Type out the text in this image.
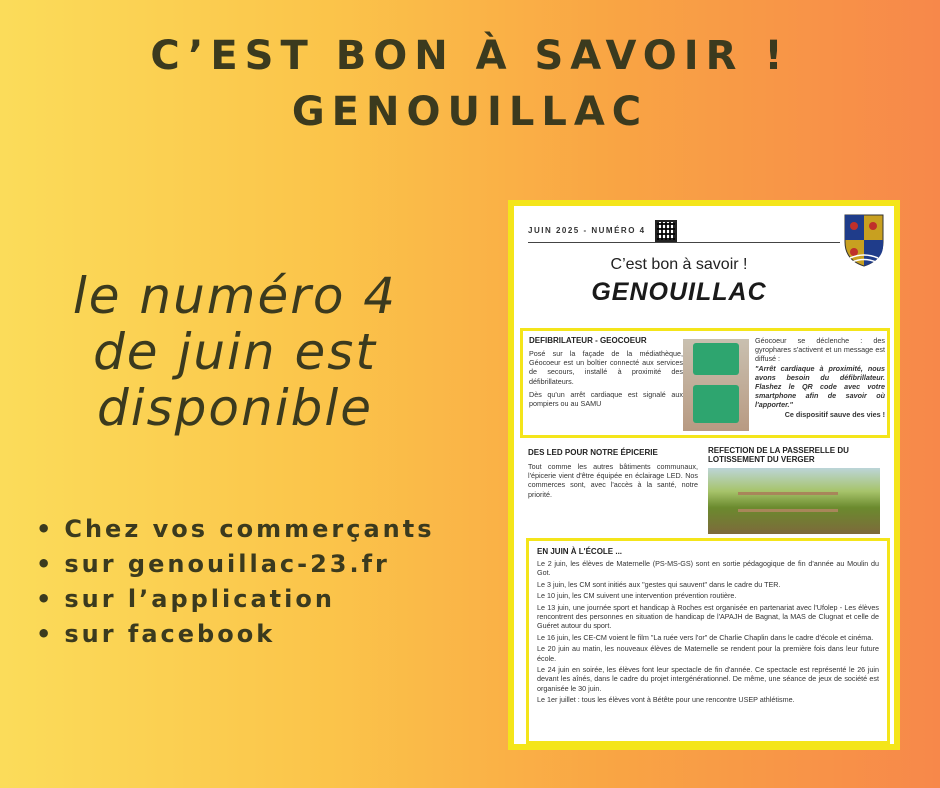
C’EST BON À SAVOIR !
GENOUILLAC
le numéro 4
de juin est
disponible
• Chez vos commerçants
• sur genouillac-23.fr
• sur l’application
• sur facebook
JUIN 2025 - NUMÉRO 4
C’est bon à savoir !
GENOUILLAC
DEFIBRILATEUR - GEOCOEUR
Posé sur la façade de la médiathèque, Géocoeur est un boîtier connecté aux services de secours, installé à proximité des défibrillateurs.
Dès qu'un arrêt cardiaque est signalé aux pompiers ou au SAMU
Géocoeur se déclenche : des gyrophares s'activent et un message est diffusé :
"Arrêt cardiaque à proximité, nous avons besoin du défibrillateur. Flashez le QR code avec votre smartphone afin de savoir où l'apporter."
Ce dispositif sauve des vies !
DES LED POUR NOTRE ÉPICERIE
Tout comme les autres bâtiments communaux, l'épicerie vient d'être équipée en éclairage LED. Nos commerces sont, avec l'accès à la santé, notre priorité.
REFECTION DE LA PASSERELLE DU LOTISSEMENT DU VERGER
EN JUIN À L'ÉCOLE ...
Le 2 juin, les élèves de Maternelle (PS-MS-GS) sont en sortie pédagogique de fin d'année au Moulin du Got.
Le 3 juin, les CM sont initiés aux "gestes qui sauvent" dans le cadre du TER.
Le 10 juin, les CM suivent une intervention prévention routière.
Le 13 juin, une journée sport et handicap à Roches est organisée en partenariat avec l'Ufolep - Les élèves rencontrent des personnes en situation de handicap de l'APAJH de Bagnat, la MAS de Clugnat et celle de Guéret autour du sport.
Le 16 juin, les CE-CM voient le film "La ruée vers l'or" de Charlie Chaplin dans le cadre d'école et cinéma.
Le 20 juin au matin, les nouveaux élèves de Maternelle se rendent pour la première fois dans leur future école.
Le 24 juin en soirée, les élèves font leur spectacle de fin d'année. Ce spectacle est représenté le 26 juin devant les aînés, dans le cadre du projet intergénérationnel. De même, une séance de jeux de société est organisée le 30 juin.
Le 1er juillet : tous les élèves vont à Bétête pour une rencontre USEP athlétisme.
